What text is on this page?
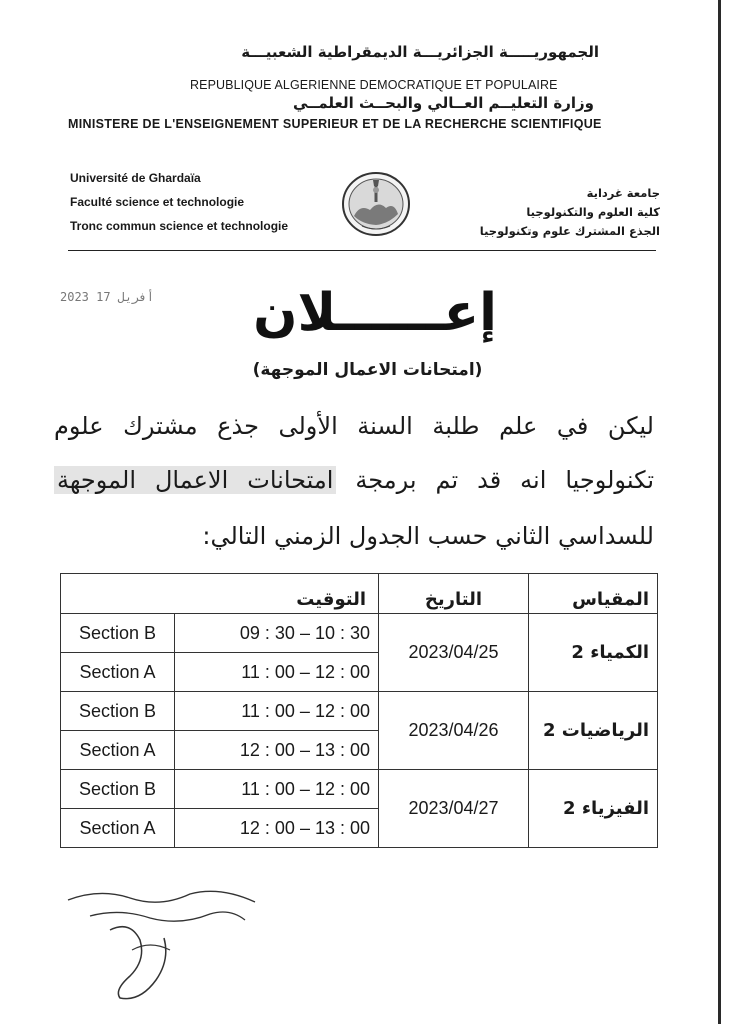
الجمهوريـــــة الجزائريـــة الديمقراطية الشعبيـــة
REPUBLIQUE ALGERIENNE DEMOCRATIQUE ET POPULAIRE
وزارة التعليــم العــالي والبحــث العلمــي
MINISTERE DE L'ENSEIGNEMENT SUPERIEUR ET DE LA RECHERCHE SCIENTIFIQUE
Université de Ghardaïa
Faculté science et technologie
Tronc commun science et technologie
جامعة غرداية
كلية العلوم والتكنولوجيا
الجذع المشترك علوم وتكنولوجيا
2023 أفريل 17	إعــــــلان
(امتحانات الاعمال الموجهة)
ليكن في علم طلبة السنة الأولى جذع مشترك علوم
تكنولوجيا انه قد تم برمجة امتحانات الاعمال الموجهة
للسداسي الثاني حسب الجدول الزمني التالي:
التوقيت		التاريخ	المقياس
Section B	09 : 30 – 10 : 30	2023/04/25	الكمياء 2
Section A	11 : 00 – 12 : 00		
Section B	11 : 00 – 12 : 00	2023/04/26	الرياضيات 2
Section A	12 : 00 – 13 : 00		
Section B	11 : 00 – 12 : 00	2023/04/27	الفيزياء 2
Section A	12 : 00 – 13 : 00		
